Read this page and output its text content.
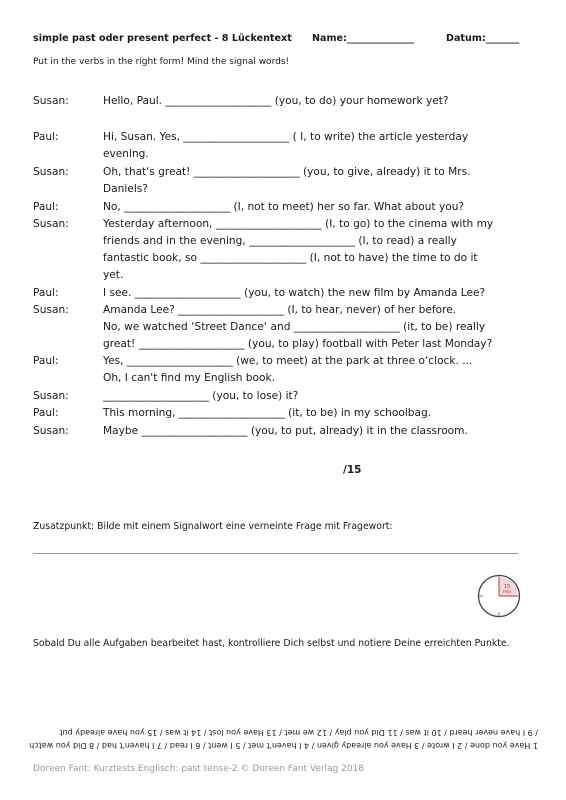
simple past oder present perfect - 8 Lückentext Name:______________	Datum:_______
Put in the verbs in the right form! Mind the signal words!
Susan:	Hello, Paul. ____________________ (you, to do) your homework yet?
Paul:	Hi, Susan. Yes, ____________________ ( I, to write) the article yesterday
evening.
Susan:	Oh, that's great! ____________________ (you, to give, already) it to Mrs.
Daniels?
Paul:	No, ____________________ (I, not to meet) her so far. What about you?
Susan:	Yesterday afternoon, ____________________ (I, to go) to the cinema with my
friends and in the evening, ____________________ (I, to read) a really
fantastic book, so ____________________ (I, not to have) the time to do it
yet.
Paul:	I see. ____________________ (you, to watch) the new film by Amanda Lee?
Susan:	Amanda Lee? ____________________ (I, to hear, never) of her before.
No, we watched ‘Street Dance‘ and ____________________ (it, to be) really
great! ____________________ (you, to play) football with Peter last Monday?
Paul:	Yes, ____________________ (we, to meet) at the park at three o‘clock. ...
Oh, I can't find my English book.
Susan:	____________________ (you, to lose) it?
Paul:	This morning, ____________________ (it, to be) in my schoolbag.
Susan:	Maybe ____________________ (you, to put, already) it in the classroom.
/15
Zusatzpunkt: Bilde mit einem Signalwort eine verneinte Frage mit Fragewort:
15
min
Sobald Du alle Aufgaben bearbeitet hast, kontrolliere Dich selbst und notiere Deine erreichten Punkte.
1 Have you done / 2 I wrote / 3 Have you already given / 4 I haven't met / 5 I went / 6 I read / 7 I haven't had / 8 Did you watch
/ 9 I have never heard / 10 it was / 11 Did you play / 12 we met / 13 Have you lost / 14 it was / 15 you have already put
Doreen Fant: Kurztests Englisch: past tense-2 © Doreen Fant Verlag 2018
